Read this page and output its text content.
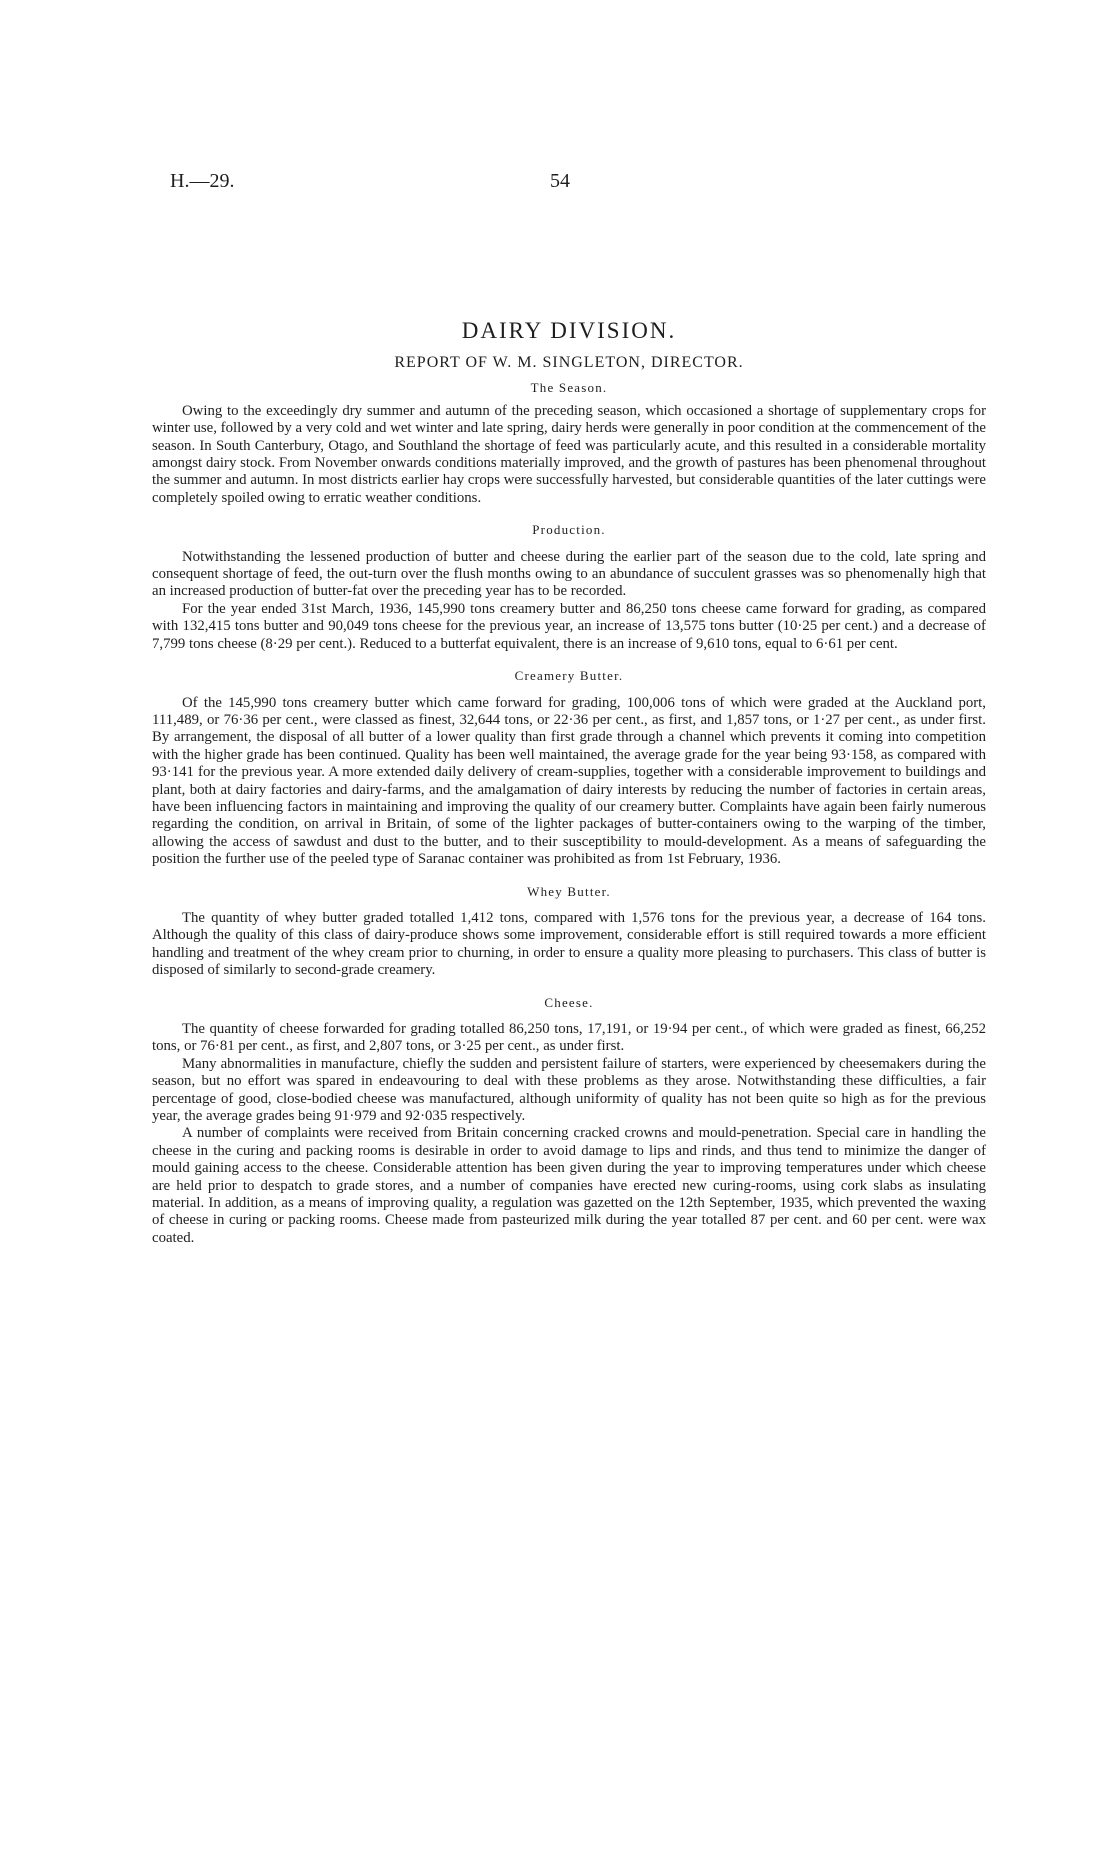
H.—29.	54
DAIRY DIVISION.
REPORT OF W. M. SINGLETON, DIRECTOR.
The Season.

Owing to the exceedingly dry summer and autumn of the preceding season, which occasioned a shortage of supplementary crops for winter use, followed by a very cold and wet winter and late spring, dairy herds were generally in poor condition at the commencement of the season. In South Canterbury, Otago, and Southland the shortage of feed was particularly acute, and this resulted in a considerable mortality amongst dairy stock. From November onwards conditions materially improved, and the growth of pastures has been phenomenal throughout the summer and autumn. In most districts earlier hay crops were successfully harvested, but considerable quantities of the later cuttings were completely spoiled owing to erratic weather conditions.

Production.

Notwithstanding the lessened production of butter and cheese during the earlier part of the season due to the cold, late spring and consequent shortage of feed, the out-turn over the flush months owing to an abundance of succulent grasses was so phenomenally high that an increased production of butter-fat over the preceding year has to be recorded.

For the year ended 31st March, 1936, 145,990 tons creamery butter and 86,250 tons cheese came forward for grading, as compared with 132,415 tons butter and 90,049 tons cheese for the previous year, an increase of 13,575 tons butter (10·25 per cent.) and a decrease of 7,799 tons cheese (8·29 per cent.). Reduced to a butterfat equivalent, there is an increase of 9,610 tons, equal to 6·61 per cent.

Creamery Butter.

Of the 145,990 tons creamery butter which came forward for grading, 100,006 tons of which were graded at the Auckland port, 111,489, or 76·36 per cent., were classed as finest, 32,644 tons, or 22·36 per cent., as first, and 1,857 tons, or 1·27 per cent., as under first. By arrangement, the disposal of all butter of a lower quality than first grade through a channel which prevents it coming into competition with the higher grade has been continued. Quality has been well maintained, the average grade for the year being 93·158, as compared with 93·141 for the previous year. A more extended daily delivery of cream-supplies, together with a considerable improvement to buildings and plant, both at dairy factories and dairy-farms, and the amalgamation of dairy interests by reducing the number of factories in certain areas, have been influencing factors in maintaining and improving the quality of our creamery butter. Complaints have again been fairly numerous regarding the condition, on arrival in Britain, of some of the lighter packages of butter-containers owing to the warping of the timber, allowing the access of sawdust and dust to the butter, and to their susceptibility to mould-development. As a means of safeguarding the position the further use of the peeled type of Saranac container was prohibited as from 1st February, 1936.

Whey Butter.

The quantity of whey butter graded totalled 1,412 tons, compared with 1,576 tons for the previous year, a decrease of 164 tons. Although the quality of this class of dairy-produce shows some improvement, considerable effort is still required towards a more efficient handling and treatment of the whey cream prior to churning, in order to ensure a quality more pleasing to purchasers. This class of butter is disposed of similarly to second-grade creamery.

Cheese.

The quantity of cheese forwarded for grading totalled 86,250 tons, 17,191, or 19·94 per cent., of which were graded as finest, 66,252 tons, or 76·81 per cent., as first, and 2,807 tons, or 3·25 per cent., as under first.

Many abnormalities in manufacture, chiefly the sudden and persistent failure of starters, were experienced by cheesemakers during the season, but no effort was spared in endeavouring to deal with these problems as they arose. Notwithstanding these difficulties, a fair percentage of good, close-bodied cheese was manufactured, although uniformity of quality has not been quite so high as for the previous year, the average grades being 91·979 and 92·035 respectively.

A number of complaints were received from Britain concerning cracked crowns and mould-penetration. Special care in handling the cheese in the curing and packing rooms is desirable in order to avoid damage to lips and rinds, and thus tend to minimize the danger of mould gaining access to the cheese. Considerable attention has been given during the year to improving temperatures under which cheese are held prior to despatch to grade stores, and a number of companies have erected new curing-rooms, using cork slabs as insulating material. In addition, as a means of improving quality, a regulation was gazetted on the 12th September, 1935, which prevented the waxing of cheese in curing or packing rooms. Cheese made from pasteurized milk during the year totalled 87 per cent. and 60 per cent. were wax coated.
